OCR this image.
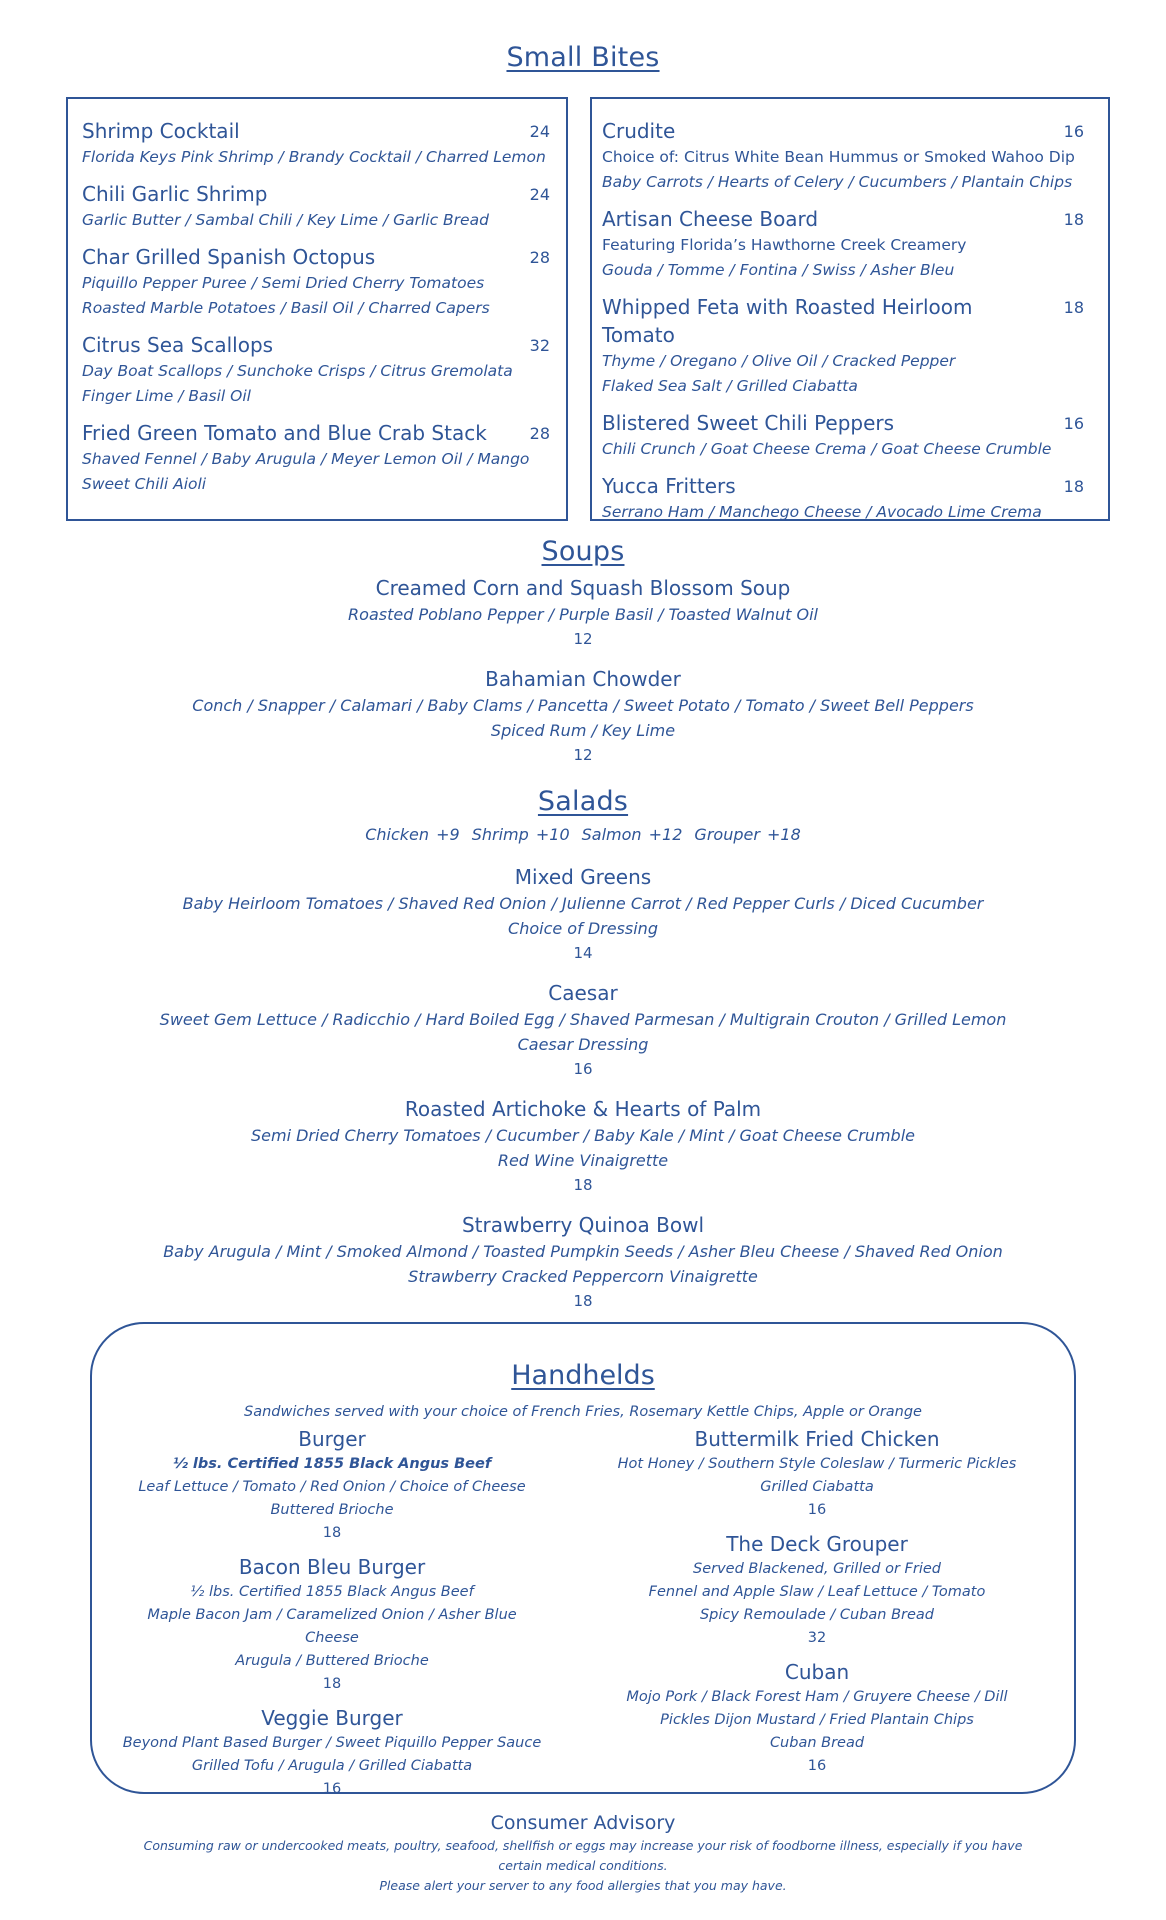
Small Bites
Shrimp Cocktail	24
Florida Keys Pink Shrimp / Brandy Cocktail / Charred Lemon
Chili Garlic Shrimp	24
Garlic Butter / Sambal Chili / Key Lime / Garlic Bread
Char Grilled Spanish Octopus	28
Piquillo Pepper Puree / Semi Dried Cherry Tomatoes
Roasted Marble Potatoes / Basil Oil / Charred Capers
Citrus Sea Scallops	32
Day Boat Scallops / Sunchoke Crisps / Citrus Gremolata
Finger Lime / Basil Oil
Fried Green Tomato and Blue Crab Stack	28
Shaved Fennel / Baby Arugula / Meyer Lemon Oil / Mango
Sweet Chili Aioli
Crudite	16
Choice of: Citrus White Bean Hummus or Smoked Wahoo Dip
Baby Carrots / Hearts of Celery / Cucumbers / Plantain Chips
Artisan Cheese Board	18
Featuring Florida’s Hawthorne Creek Creamery
Gouda / Tomme / Fontina / Swiss / Asher Bleu
Whipped Feta with Roasted Heirloom Tomato
18
Thyme / Oregano / Olive Oil / Cracked Pepper
Flaked Sea Salt / Grilled Ciabatta
Blistered Sweet Chili Peppers	16
Chili Crunch / Goat Cheese Crema / Goat Cheese Crumble
Yucca Fritters	18
Serrano Ham / Manchego Cheese / Avocado Lime Crema
Soups
Creamed Corn and Squash Blossom Soup
Roasted Poblano Pepper / Purple Basil / Toasted Walnut Oil
12
Bahamian Chowder
Conch / Snapper / Calamari / Baby Clams / Pancetta / Sweet Potato / Tomato / Sweet Bell Peppers
Spiced Rum / Key Lime
12
Salads
Chicken +9 Shrimp +10 Salmon +12 Grouper +18
Mixed Greens
Baby Heirloom Tomatoes / Shaved Red Onion / Julienne Carrot / Red Pepper Curls / Diced Cucumber
Choice of Dressing
14
Caesar
Sweet Gem Lettuce / Radicchio / Hard Boiled Egg / Shaved Parmesan / Multigrain Crouton / Grilled Lemon
Caesar Dressing
16
Roasted Artichoke & Hearts of Palm
Semi Dried Cherry Tomatoes / Cucumber / Baby Kale / Mint / Goat Cheese Crumble
Red Wine Vinaigrette
18
Strawberry Quinoa Bowl
Baby Arugula / Mint / Smoked Almond / Toasted Pumpkin Seeds / Asher Bleu Cheese / Shaved Red Onion
Strawberry Cracked Peppercorn Vinaigrette
18
Handhelds
Sandwiches served with your choice of French Fries, Rosemary Kettle Chips, Apple or Orange
Burger
½ lbs. Certified 1855 Black Angus Beef
Leaf Lettuce / Tomato / Red Onion / Choice of Cheese
Buttered Brioche
18
Bacon Bleu Burger
½ lbs. Certified 1855 Black Angus Beef
Maple Bacon Jam / Caramelized Onion / Asher Blue Cheese
Arugula / Buttered Brioche
18
Veggie Burger
Beyond Plant Based Burger / Sweet Piquillo Pepper Sauce
Grilled Tofu / Arugula / Grilled Ciabatta
16
Buttermilk Fried Chicken
Hot Honey / Southern Style Coleslaw / Turmeric Pickles
Grilled Ciabatta
16
The Deck Grouper
Served Blackened, Grilled or Fried
Fennel and Apple Slaw / Leaf Lettuce / Tomato
Spicy Remoulade / Cuban Bread
32
Cuban
Mojo Pork / Black Forest Ham / Gruyere Cheese / Dill
Pickles Dijon Mustard / Fried Plantain Chips
Cuban Bread
16
Consumer Advisory
Consuming raw or undercooked meats, poultry, seafood, shellfish or eggs may increase your risk of foodborne illness, especially if you have certain medical conditions.
Please alert your server to any food allergies that you may have.
